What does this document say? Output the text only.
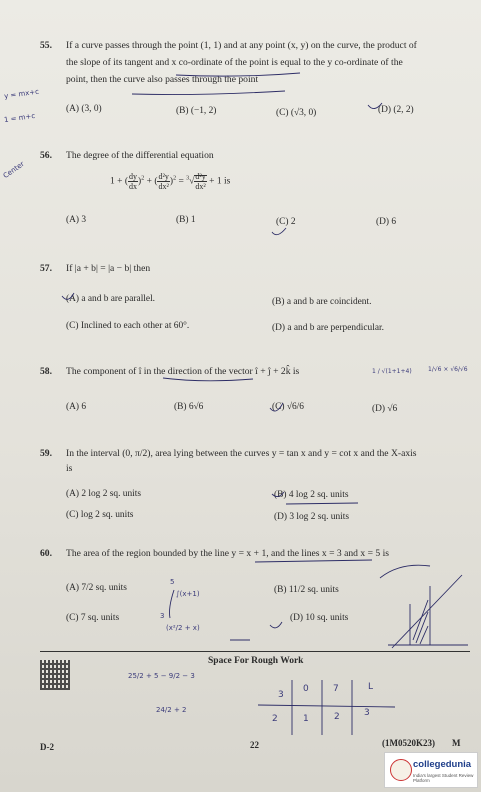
55. If a curve passes through the point (1, 1) and at any point (x, y) on the curve, the product of
the slope of its tangent and x co-ordinate of the point is equal to the y co-ordinate of the
point, then the curve also passes through the point
(A) (3, 0)	(B) (−1, 2)	(C) (√3, 0)	(D) (2, 2)
56. The degree of the differential equation
1 + ( $\frac{dy}{dx} )^2$ + ( $\frac{\text{d²y}}{\text{dx²}} )^2 = ^3√ \frac{\text{d²y}}{\text{dx²}} + 1$ is
(A) 3	(B) 1	(C) 2	(D) 6
57. If |a + b| = |a − b| then
(A) a and b are parallel.	(B) a and b are coincident.
(C) Inclined to each other at 60°.	(D) a and b are perpendicular.
58. The component of î in the direction of the vector î + ĵ + 2k̂ is
(A) 6	(B) 6√6	(C) √6/6	(D) √6
59. In the interval (0, π/2), area lying between the curves y = tan x and y = cot x and the X-axis
is
(A) 2 log 2 sq. units	(B) 4 log 2 sq. units
(C) log 2 sq. units	(D) 3 log 2 sq. units
60. The area of the region bounded by the line y = x + 1, and the lines x = 3 and x = 5 is
(A) 7/2 sq. units	(B) 11/2 sq. units
(C) 7 sq. units	(D) 10 sq. units
Space For Rough Work
y = mx+c
1 = m+c
Center
1 / √(1+1+4)	1/√6 × √6/√6
∫(x+1)
5
3
(x²/2 + x)
25/2 + 5 − 9/2 − 3
24/2 + 2
3
0	7	L
2	1	2	3
D-2	22	(1M0520K23) M
collegedunia
India's largest Student Review Platform
